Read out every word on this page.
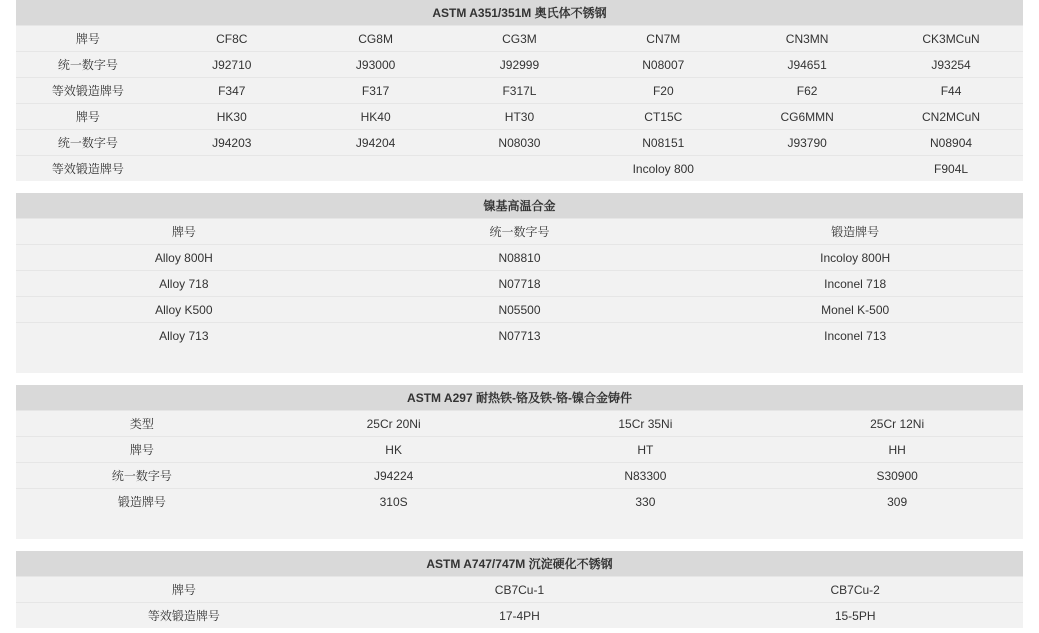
ASTM A351/351M 奥氏体不锈钢						
牌号	CF8C	CG8M	CG3M	CN7M	CN3MN	CK3MCuN
统一数字号	J92710	J93000	J92999	N08007	J94651	J93254
等效锻造牌号	F347	F317	F317L	F20	F62	F44
牌号	HK30	HK40	HT30	CT15C	CG6MMN	CN2MCuN
统一数字号	J94203	J94204	N08030	N08151	J93790	N08904
等效锻造牌号				Incoloy 800		F904L
镍基高温合金		
牌号	统一数字号	锻造牌号
Alloy 800H	N08810	Incoloy 800H
Alloy 718	N07718	Inconel 718
Alloy K500	N05500	Monel K-500
Alloy 713	N07713	Inconel 713

ASTM A297 耐热铁-铬及铁-铬-镍合金铸件			
类型	25Cr 20Ni	15Cr 35Ni	25Cr 12Ni
牌号	HK	HT	HH
统一数字号	J94224	N83300	S30900
锻造牌号	310S	330	309

ASTM A747/747M 沉淀硬化不锈钢		
牌号	CB7Cu-1	CB7Cu-2
等效锻造牌号	17-4PH	15-5PH
